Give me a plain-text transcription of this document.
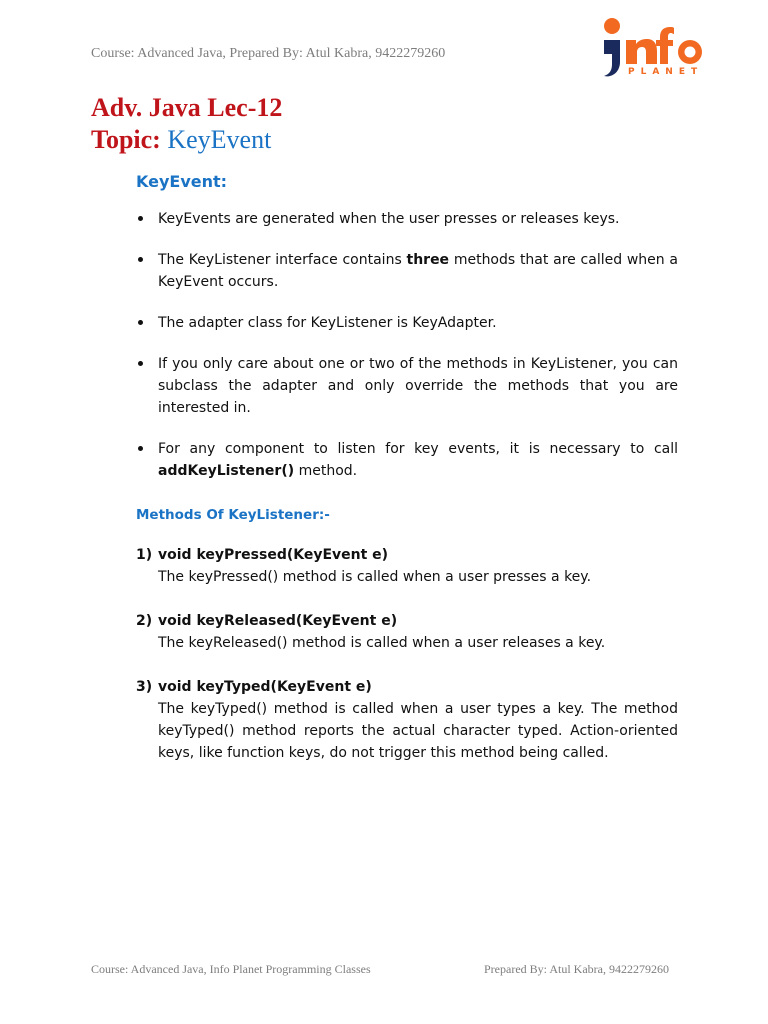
Course: Advanced Java, Prepared By: Atul Kabra, 9422279260
PLANET
Adv. Java Lec-12
Topic: KeyEvent
KeyEvent:
KeyEvents are generated when the user presses or releases keys.
The KeyListener interface contains three methods that are called when a KeyEvent occurs.
The adapter class for KeyListener is KeyAdapter.
If you only care about one or two of the methods in KeyListener, you can subclass the adapter and only override the methods that you are interested in.
For any component to listen for key events, it is necessary to call addKeyListener() method.
Methods Of KeyListener:-
1) void keyPressed(KeyEvent e)
The keyPressed() method is called when a user presses a key.
2) void keyReleased(KeyEvent e)
The keyReleased() method is called when a user releases a key.
3) void keyTyped(KeyEvent e)
The keyTyped() method is called when a user types a key. The method keyTyped() method reports the actual character typed. Action-oriented keys, like function keys, do not trigger this method being called.
Course: Advanced Java, Info Planet Programming Classes	Prepared By: Atul Kabra, 9422279260
